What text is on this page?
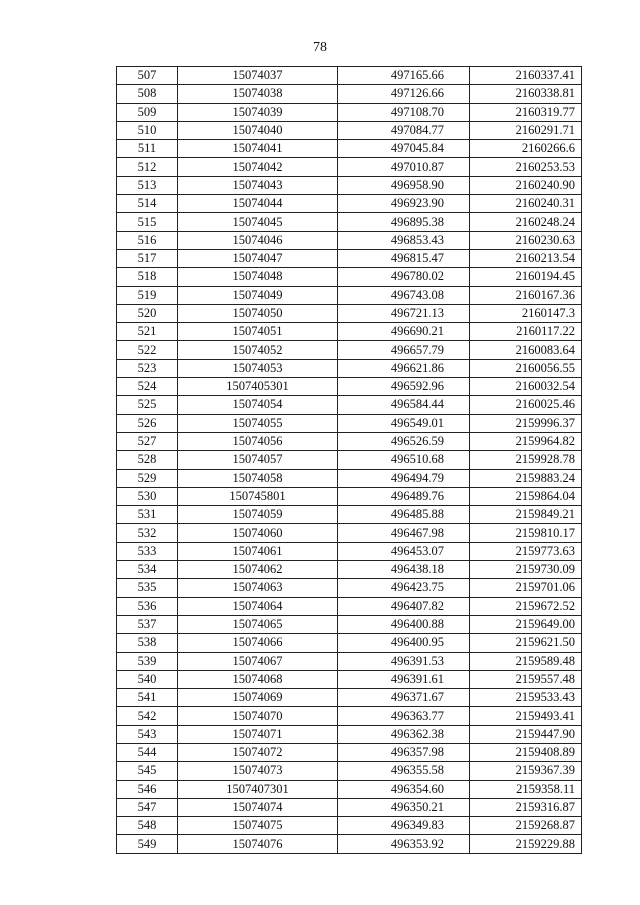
78
507	15074037	497165.66	2160337.41
508	15074038	497126.66	2160338.81
509	15074039	497108.70	2160319.77
510	15074040	497084.77	2160291.71
511	15074041	497045.84	2160266.6
512	15074042	497010.87	2160253.53
513	15074043	496958.90	2160240.90
514	15074044	496923.90	2160240.31
515	15074045	496895.38	2160248.24
516	15074046	496853.43	2160230.63
517	15074047	496815.47	2160213.54
518	15074048	496780.02	2160194.45
519	15074049	496743.08	2160167.36
520	15074050	496721.13	2160147.3
521	15074051	496690.21	2160117.22
522	15074052	496657.79	2160083.64
523	15074053	496621.86	2160056.55
524	1507405301	496592.96	2160032.54
525	15074054	496584.44	2160025.46
526	15074055	496549.01	2159996.37
527	15074056	496526.59	2159964.82
528	15074057	496510.68	2159928.78
529	15074058	496494.79	2159883.24
530	150745801	496489.76	2159864.04
531	15074059	496485.88	2159849.21
532	15074060	496467.98	2159810.17
533	15074061	496453.07	2159773.63
534	15074062	496438.18	2159730.09
535	15074063	496423.75	2159701.06
536	15074064	496407.82	2159672.52
537	15074065	496400.88	2159649.00
538	15074066	496400.95	2159621.50
539	15074067	496391.53	2159589.48
540	15074068	496391.61	2159557.48
541	15074069	496371.67	2159533.43
542	15074070	496363.77	2159493.41
543	15074071	496362.38	2159447.90
544	15074072	496357.98	2159408.89
545	15074073	496355.58	2159367.39
546	1507407301	496354.60	2159358.11
547	15074074	496350.21	2159316.87
548	15074075	496349.83	2159268.87
549	15074076	496353.92	2159229.88
